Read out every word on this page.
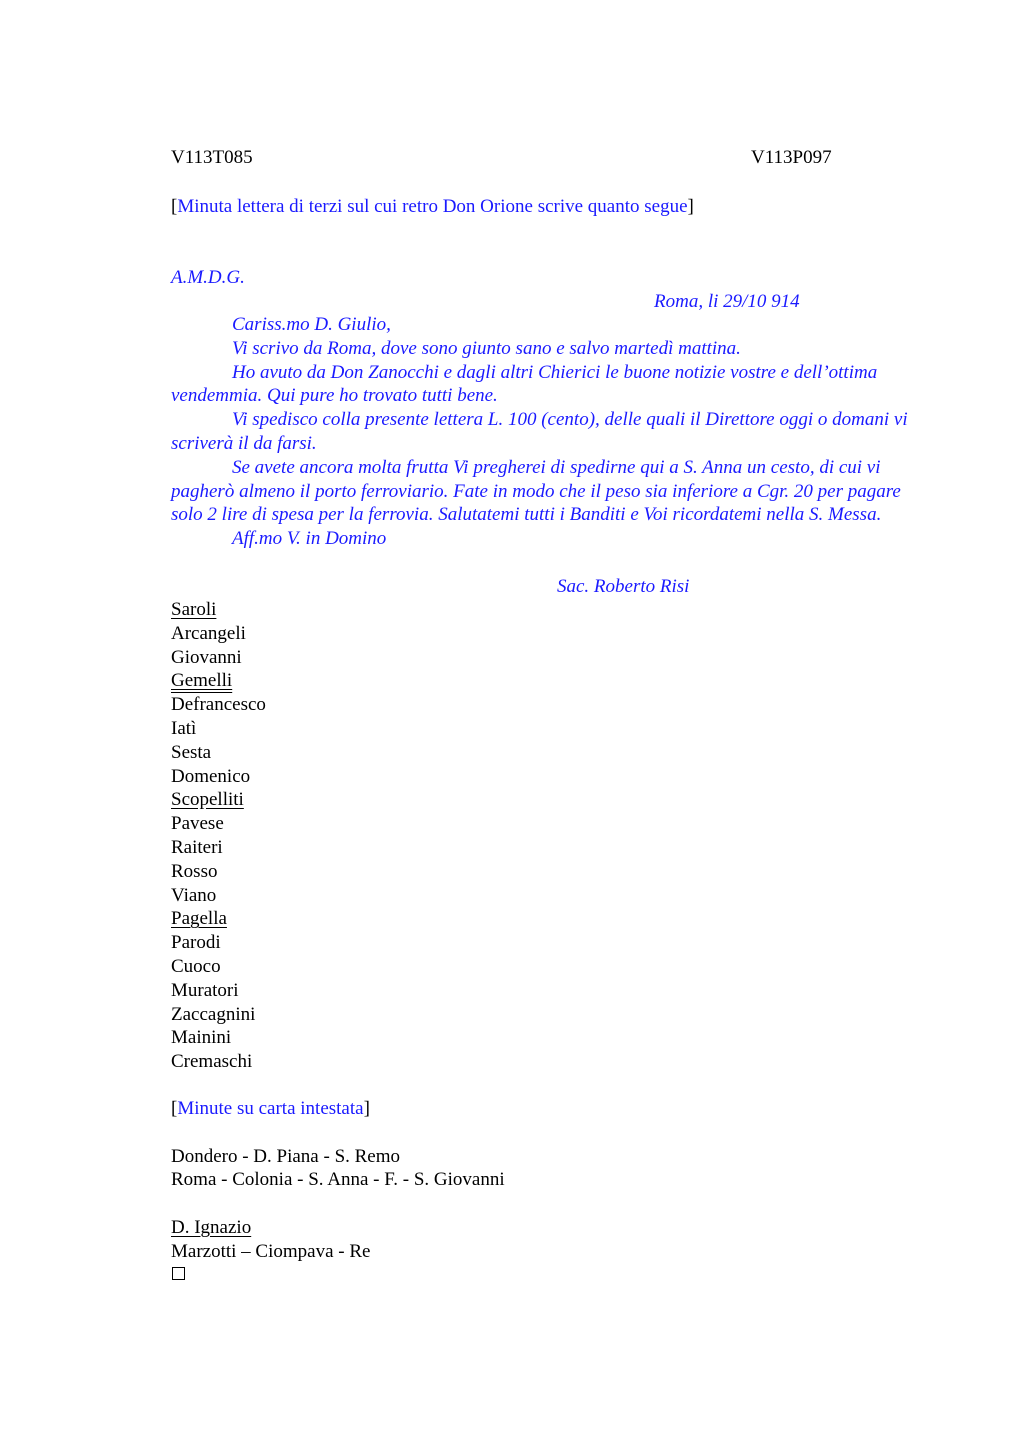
V113T085	V113P097
[Minuta lettera di terzi sul cui retro Don Orione scrive quanto segue]
A.M.D.G.
Roma, li 29/10 914

Cariss.mo D. Giulio,

Vi scrivo da Roma, dove sono giunto sano e salvo martedì mattina.

Ho avuto da Don Zanocchi e dagli altri Chierici le buone notizie vostre e dell’ottima vendemmia. Qui pure ho trovato tutti bene.

Vi spedisco colla presente lettera L. 100 (cento), delle quali il Direttore oggi o domani vi scriverà il da farsi.

Se avete ancora molta frutta Vi pregherei di spedirne qui a S. Anna un cesto, di cui vi pagherò almeno il porto ferroviario. Fate in modo che il peso sia inferiore a Cgr. 20 per pagare solo 2 lire di spesa per la ferrovia. Salutatemi tutti i Banditi e Voi ricordatemi nella S. Messa.

Aff.mo V. in Domino

Sac. Roberto Risi
Saroli
Arcangeli
Giovanni
Gemelli
Defrancesco
Iatì
Sesta
Domenico
Scopelliti
Pavese
Raiteri
Rosso
Viano
Pagella
Parodi
Cuoco
Muratori
Zaccagnini
Mainini
Cremaschi
[Minute su carta intestata]
Dondero - D. Piana - S. Remo
Roma - Colonia - S. Anna - F. - S. Giovanni
D. Ignazio
Marzotti – Ciompava - Re
